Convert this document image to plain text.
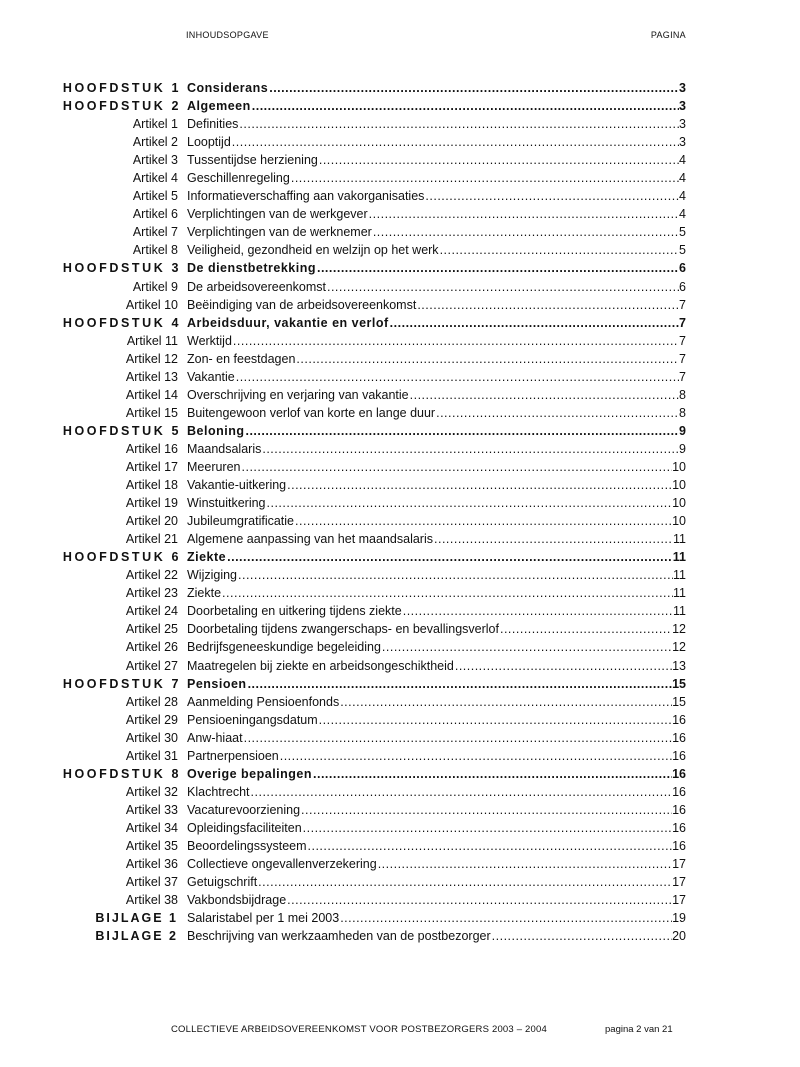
INHOUDSOPGAVE	PAGINA
HOOFDSTUK 1 Considerans .....	3
HOOFDSTUK 2 Algemeen .....	3
Artikel 1 Definities .....	3
Artikel 2 Looptijd .....	3
Artikel 3 Tussentijdse herziening .....	4
Artikel 4 Geschillenregeling .....	4
Artikel 5 Informatieverschaffing aan vakorganisaties .....	4
Artikel 6 Verplichtingen van de werkgever .....	4
Artikel 7 Verplichtingen van de werknemer .....	5
Artikel 8 Veiligheid, gezondheid en welzijn op het werk .....	5
HOOFDSTUK 3 De dienstbetrekking .....	6
Artikel 9 De arbeidsovereenkomst .....	6
Artikel 10 Beëindiging van de arbeidsovereenkomst .....	7
HOOFDSTUK 4 Arbeidsduur, vakantie en verlof .....	7
Artikel 11 Werktijd .....	7
Artikel 12 Zon- en feestdagen .....	7
Artikel 13 Vakantie .....	7
Artikel 14 Overschrijving en verjaring van vakantie .....	8
Artikel 15 Buitengewoon verlof van korte en lange duur .....	8
HOOFDSTUK 5 Beloning .....	9
Artikel 16 Maandsalaris .....	9
Artikel 17 Meeruren .....	10
Artikel 18 Vakantie-uitkering .....	10
Artikel 19 Winstuitkering .....	10
Artikel 20 Jubileumgratificatie .....	10
Artikel 21 Algemene aanpassing van het maandsalaris .....	11
HOOFDSTUK 6 Ziekte .....	11
Artikel 22 Wijziging .....	11
Artikel 23 Ziekte .....	11
Artikel 24 Doorbetaling en uitkering tijdens ziekte .....	11
Artikel 25 Doorbetaling tijdens zwangerschaps- en bevallingsverlof .....	12
Artikel 26 Bedrijfsgeneeskundige begeleiding .....	12
Artikel 27 Maatregelen bij ziekte en arbeidsongeschiktheid .....	13
HOOFDSTUK 7 Pensioen .....	15
Artikel 28 Aanmelding Pensioenfonds .....	15
Artikel 29 Pensioeningangsdatum .....	16
Artikel 30 Anw-hiaat .....	16
Artikel 31 Partnerpensioen .....	16
HOOFDSTUK 8 Overige bepalingen .....	16
Artikel 32 Klachtrecht .....	16
Artikel 33 Vacaturevoorziening .....	16
Artikel 34 Opleidingsfaciliteiten .....	16
Artikel 35 Beoordelingssysteem .....	16
Artikel 36 Collectieve ongevallenverzekering .....	17
Artikel 37 Getuigschrift .....	17
Artikel 38 Vakbondsbijdrage .....	17
BIJLAGE 1 Salaristabel per 1 mei 2003 .....	19
BIJLAGE 2 Beschrijving van werkzaamheden van de postbezorger .....	20
COLLECTIEVE ARBEIDSOVEREENKOMST VOOR POSTBEZORGERS 2003 – 2004	pagina 2 van 21
